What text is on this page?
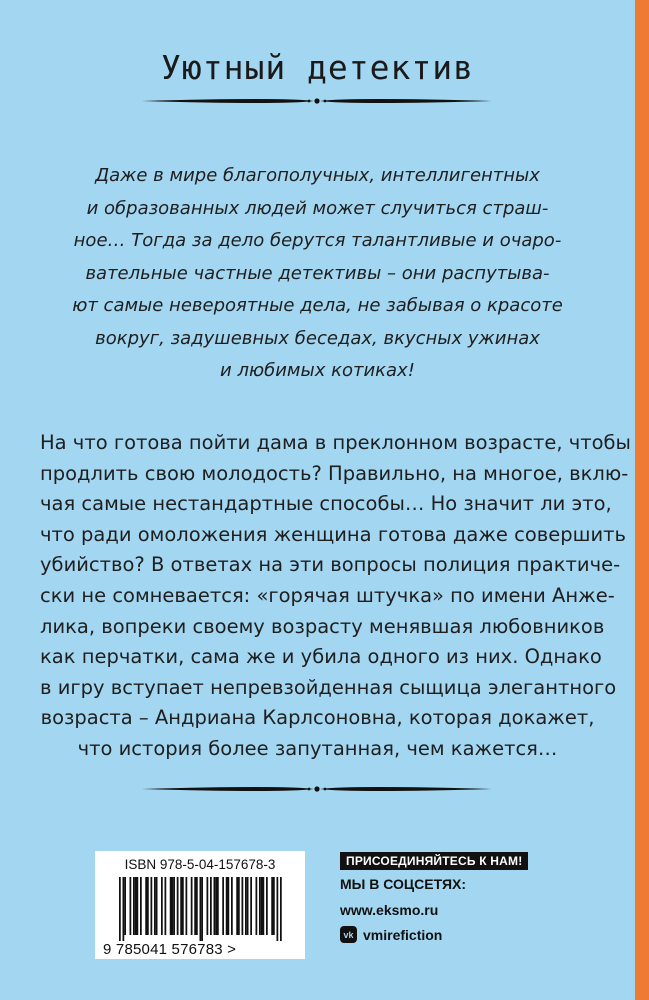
Уютный детектив
Даже в мире благополучных, интеллигентных
и образованных людей может случиться страш-
ное… Тогда за дело берутся талантливые и очаро-
вательные частные детективы – они распутыва-
ют самые невероятные дела, не забывая о красоте
вокруг, задушевных беседах, вкусных ужинах
и любимых котиках!
На что готова пойти дама в преклонном возрасте, чтобы
продлить свою молодость? Правильно, на многое, вклю-
чая самые нестандартные способы… Но значит ли это,
что ради омоложения женщина готова даже совершить
убийство? В ответах на эти вопросы полиция практиче-
ски не сомневается: «горячая штучка» по имени Анже-
лика, вопреки своему возрасту менявшая любовников
как перчатки, сама же и убила одного из них. Однако
в игру вступает непревзойденная сыщица элегантного
возраста – Андриана Карлсоновна, которая докажет,
что история более запутанная, чем кажется…
ISBN 978-5-04-157678-3
9 785041 576783 >
ПРИСОЕДИНЯЙТЕСЬ К НАМ!
МЫ В СОЦСЕТЯХ:
www.eksmo.ru
vk vmirefiction
